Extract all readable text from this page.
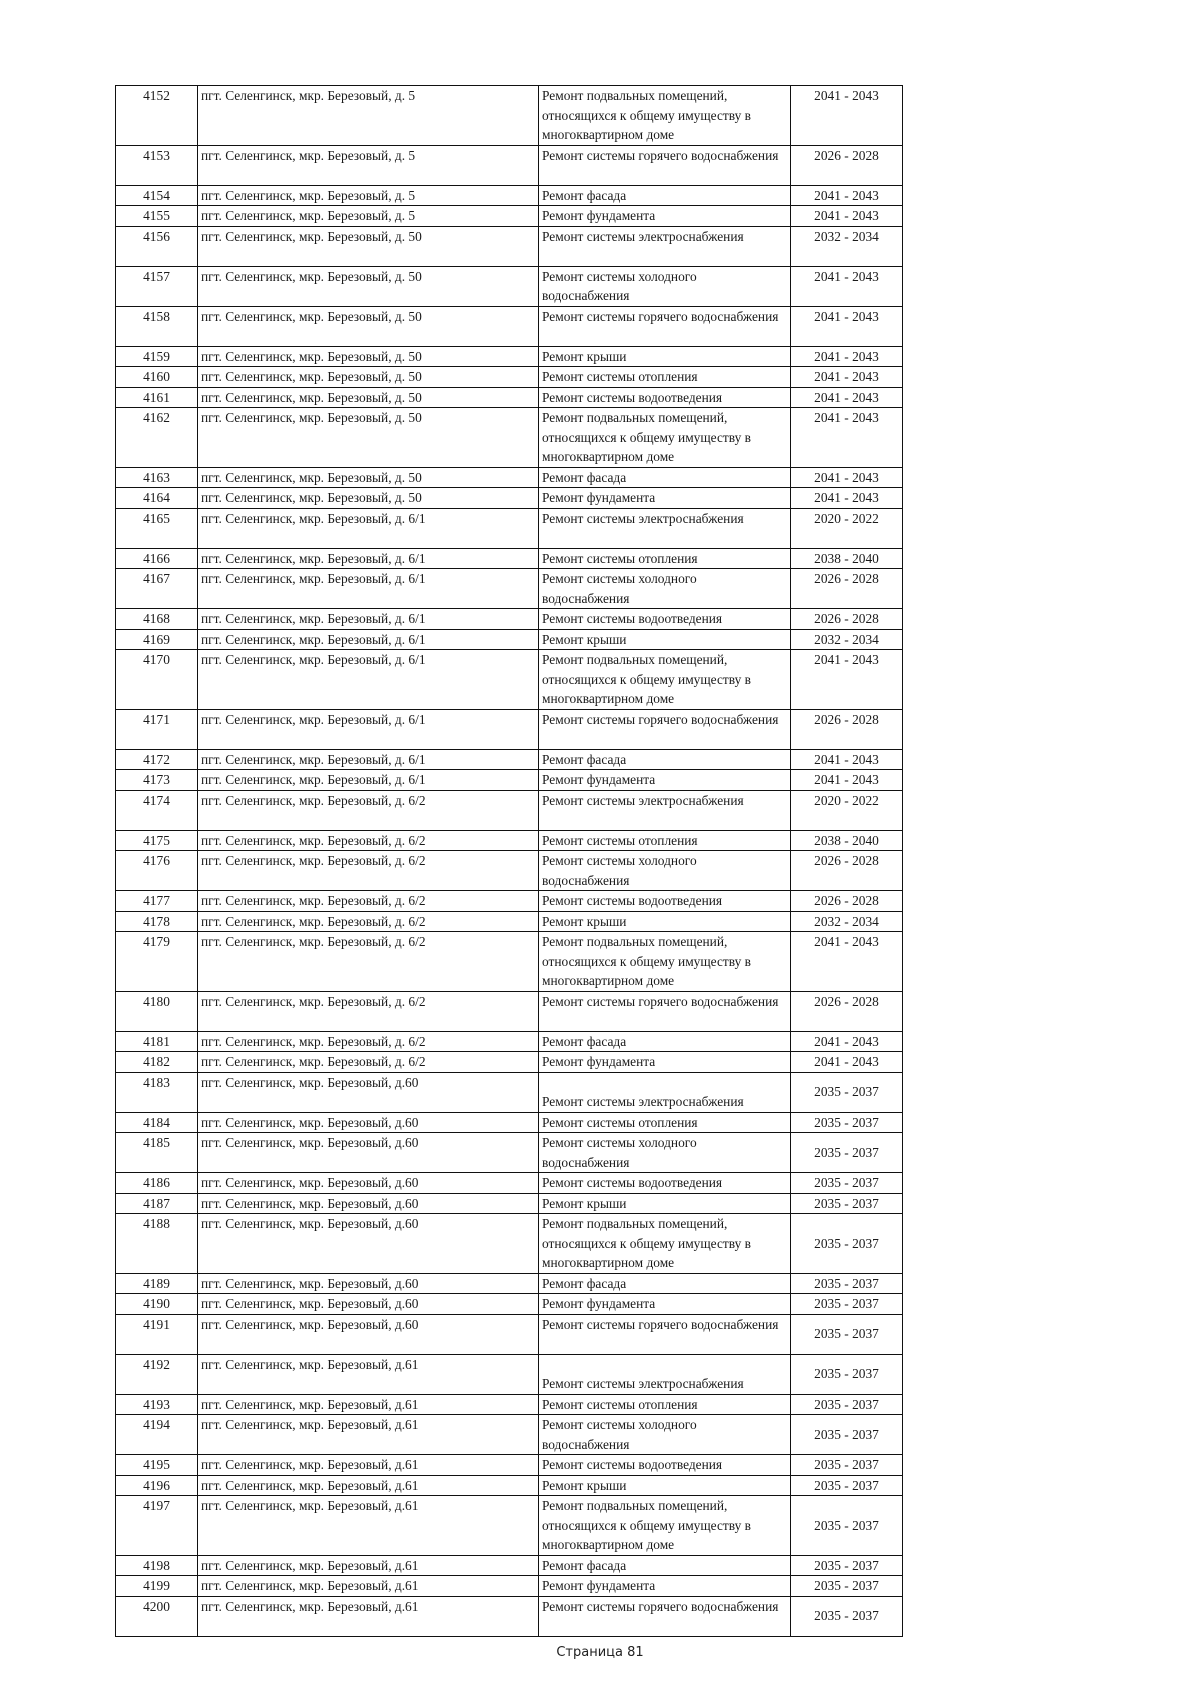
4152	пгт. Селенгинск, мкр. Березовый, д. 5	Ремонт подвальных помещений, относящихся к общему имуществу в многоквартирном доме	2041 - 2043
4153	пгт. Селенгинск, мкр. Березовый, д. 5	Ремонт системы горячего водоснабжения	2026 - 2028
4154	пгт. Селенгинск, мкр. Березовый, д. 5	Ремонт фасада	2041 - 2043
4155	пгт. Селенгинск, мкр. Березовый, д. 5	Ремонт фундамента	2041 - 2043
4156	пгт. Селенгинск, мкр. Березовый, д. 50	Ремонт системы электроснабжения	2032 - 2034
4157	пгт. Селенгинск, мкр. Березовый, д. 50	Ремонт системы холодного водоснабжения	2041 - 2043
4158	пгт. Селенгинск, мкр. Березовый, д. 50	Ремонт системы горячего водоснабжения	2041 - 2043
4159	пгт. Селенгинск, мкр. Березовый, д. 50	Ремонт крыши	2041 - 2043
4160	пгт. Селенгинск, мкр. Березовый, д. 50	Ремонт системы отопления	2041 - 2043
4161	пгт. Селенгинск, мкр. Березовый, д. 50	Ремонт системы водоотведения	2041 - 2043
4162	пгт. Селенгинск, мкр. Березовый, д. 50	Ремонт подвальных помещений, относящихся к общему имуществу в многоквартирном доме	2041 - 2043
4163	пгт. Селенгинск, мкр. Березовый, д. 50	Ремонт фасада	2041 - 2043
4164	пгт. Селенгинск, мкр. Березовый, д. 50	Ремонт фундамента	2041 - 2043
4165	пгт. Селенгинск, мкр. Березовый, д. 6/1	Ремонт системы электроснабжения	2020 - 2022
4166	пгт. Селенгинск, мкр. Березовый, д. 6/1	Ремонт системы отопления	2038 - 2040
4167	пгт. Селенгинск, мкр. Березовый, д. 6/1	Ремонт системы холодного водоснабжения	2026 - 2028
4168	пгт. Селенгинск, мкр. Березовый, д. 6/1	Ремонт системы водоотведения	2026 - 2028
4169	пгт. Селенгинск, мкр. Березовый, д. 6/1	Ремонт крыши	2032 - 2034
4170	пгт. Селенгинск, мкр. Березовый, д. 6/1	Ремонт подвальных помещений, относящихся к общему имуществу в многоквартирном доме	2041 - 2043
4171	пгт. Селенгинск, мкр. Березовый, д. 6/1	Ремонт системы горячего водоснабжения	2026 - 2028
4172	пгт. Селенгинск, мкр. Березовый, д. 6/1	Ремонт фасада	2041 - 2043
4173	пгт. Селенгинск, мкр. Березовый, д. 6/1	Ремонт фундамента	2041 - 2043
4174	пгт. Селенгинск, мкр. Березовый, д. 6/2	Ремонт системы электроснабжения	2020 - 2022
4175	пгт. Селенгинск, мкр. Березовый, д. 6/2	Ремонт системы отопления	2038 - 2040
4176	пгт. Селенгинск, мкр. Березовый, д. 6/2	Ремонт системы холодного водоснабжения	2026 - 2028
4177	пгт. Селенгинск, мкр. Березовый, д. 6/2	Ремонт системы водоотведения	2026 - 2028
4178	пгт. Селенгинск, мкр. Березовый, д. 6/2	Ремонт крыши	2032 - 2034
4179	пгт. Селенгинск, мкр. Березовый, д. 6/2	Ремонт подвальных помещений, относящихся к общему имуществу в многоквартирном доме	2041 - 2043
4180	пгт. Селенгинск, мкр. Березовый, д. 6/2	Ремонт системы горячего водоснабжения	2026 - 2028
4181	пгт. Селенгинск, мкр. Березовый, д. 6/2	Ремонт фасада	2041 - 2043
4182	пгт. Селенгинск, мкр. Березовый, д. 6/2	Ремонт фундамента	2041 - 2043
4183	пгт. Селенгинск, мкр. Березовый, д.60	Ремонт системы электроснабжения	2035 - 2037
4184	пгт. Селенгинск, мкр. Березовый, д.60	Ремонт системы отопления	2035 - 2037
4185	пгт. Селенгинск, мкр. Березовый, д.60	Ремонт системы холодного водоснабжения	2035 - 2037
4186	пгт. Селенгинск, мкр. Березовый, д.60	Ремонт системы водоотведения	2035 - 2037
4187	пгт. Селенгинск, мкр. Березовый, д.60	Ремонт крыши	2035 - 2037
4188	пгт. Селенгинск, мкр. Березовый, д.60	Ремонт подвальных помещений, относящихся к общему имуществу в многоквартирном доме	2035 - 2037
4189	пгт. Селенгинск, мкр. Березовый, д.60	Ремонт фасада	2035 - 2037
4190	пгт. Селенгинск, мкр. Березовый, д.60	Ремонт фундамента	2035 - 2037
4191	пгт. Селенгинск, мкр. Березовый, д.60	Ремонт системы горячего водоснабжения	2035 - 2037
4192	пгт. Селенгинск, мкр. Березовый, д.61	Ремонт системы электроснабжения	2035 - 2037
4193	пгт. Селенгинск, мкр. Березовый, д.61	Ремонт системы отопления	2035 - 2037
4194	пгт. Селенгинск, мкр. Березовый, д.61	Ремонт системы холодного водоснабжения	2035 - 2037
4195	пгт. Селенгинск, мкр. Березовый, д.61	Ремонт системы водоотведения	2035 - 2037
4196	пгт. Селенгинск, мкр. Березовый, д.61	Ремонт крыши	2035 - 2037
4197	пгт. Селенгинск, мкр. Березовый, д.61	Ремонт подвальных помещений, относящихся к общему имуществу в многоквартирном доме	2035 - 2037
4198	пгт. Селенгинск, мкр. Березовый, д.61	Ремонт фасада	2035 - 2037
4199	пгт. Селенгинск, мкр. Березовый, д.61	Ремонт фундамента	2035 - 2037
4200	пгт. Селенгинск, мкр. Березовый, д.61	Ремонт системы горячего водоснабжения	2035 - 2037
Страница 81
